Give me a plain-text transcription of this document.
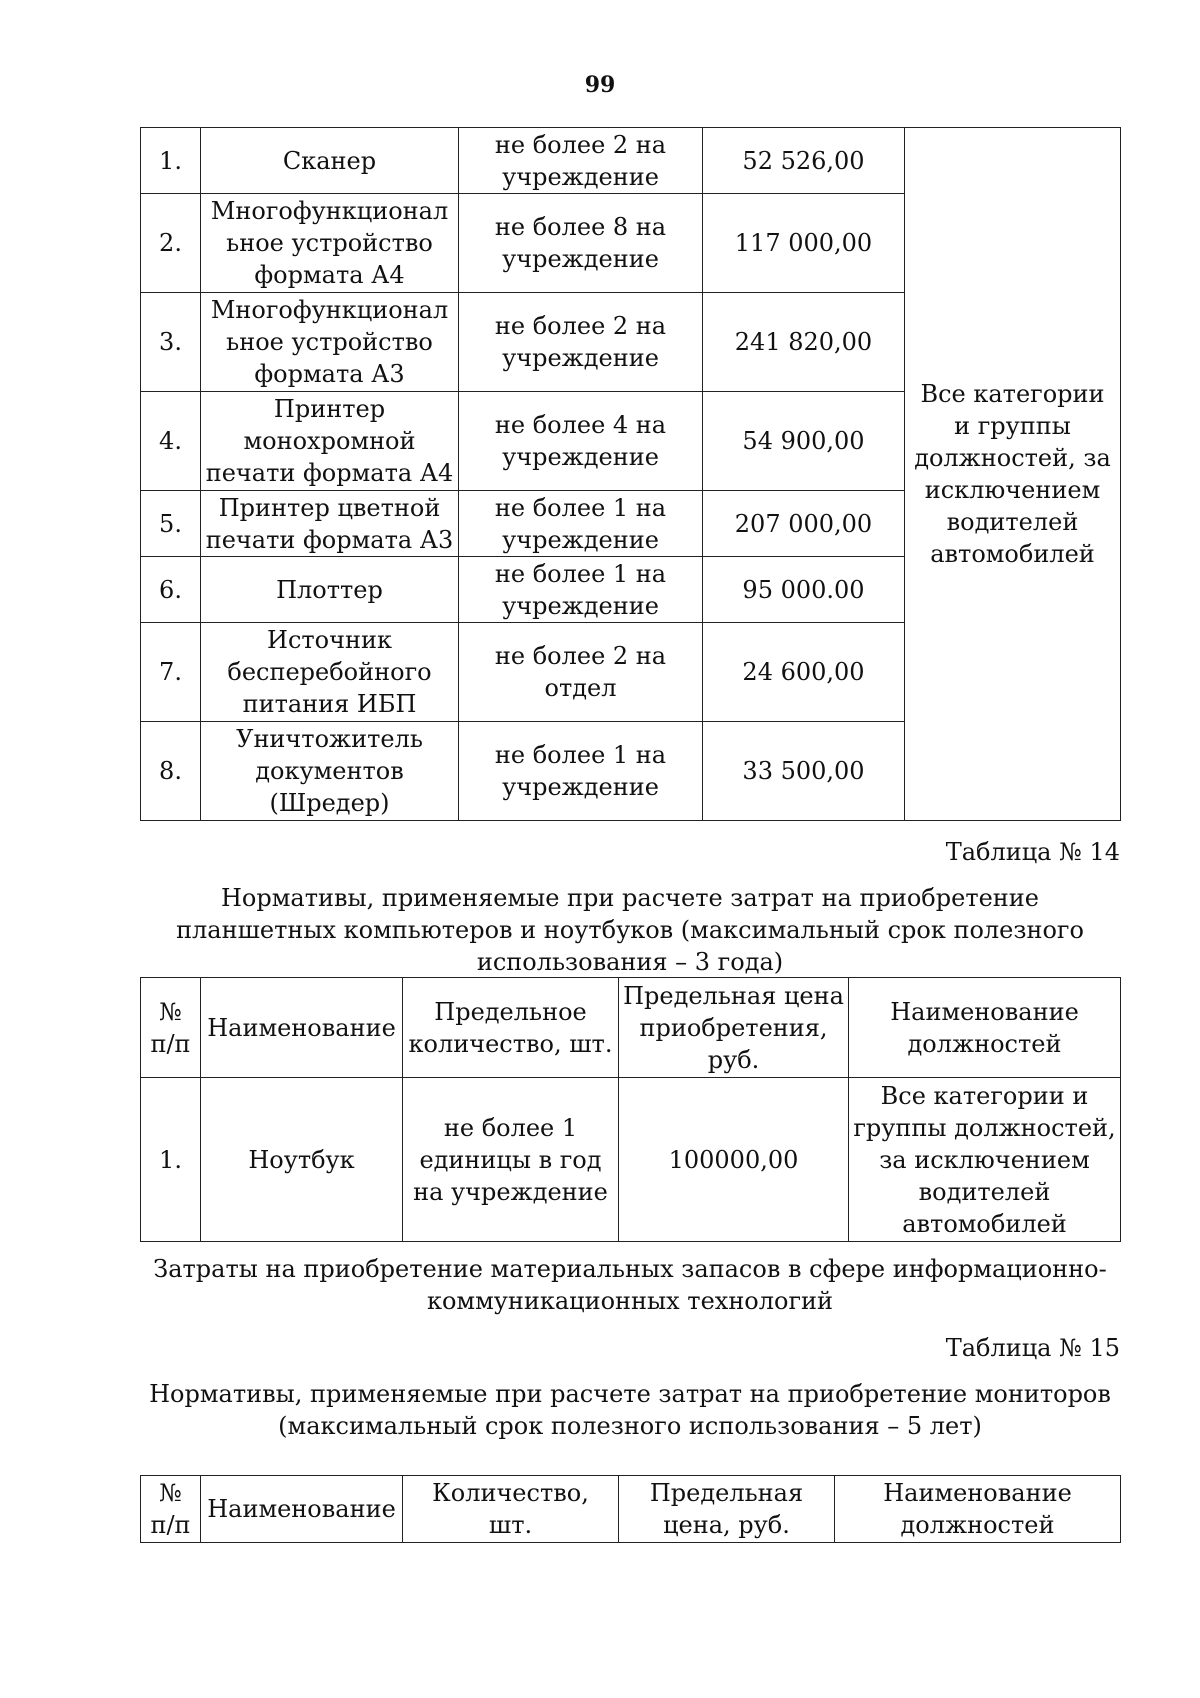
99
1.	Сканер	не более 2 на учреждение	52 526,00	Все категории и группы должностей, за исключением водителей автомобилей
2.	Многофункционал ьное устройство формата А4	не более 8 на учреждение	117 000,00	
3.	Многофункционал ьное устройство формата А3	не более 2 на учреждение	241 820,00	
4.	Принтер монохромной печати формата А4	не более 4 на учреждение	54 900,00	
5.	Принтер цветной печати формата А3	не более 1 на учреждение	207 000,00	
6.	Плоттер	не более 1 на учреждение	95 000.00	
7.	Источник бесперебойного питания ИБП	не более 2 на отдел	24 600,00	
8.	Уничтожитель документов (Шредер)	не более 1 на учреждение	33 500,00	
Таблица № 14
Нормативы, применяемые при расчете затрат на приобретение планшетных компьютеров и ноутбуков (максимальный срок полезного использования – 3 года)
№ п/п	Наименование	Предельное количество, шт.	Предельная цена приобретения, руб.	Наименование должностей
1.	Ноутбук	не более 1 единицы в год на учреждение	100000,00	Все категории и группы должностей, за исключением водителей автомобилей
Затраты на приобретение материальных запасов в сфере информационно-коммуникационных технологий
Таблица № 15
Нормативы, применяемые при расчете затрат на приобретение мониторов (максимальный срок полезного использования – 5 лет)
№ п/п	Наименование	Количество, шт.	Предельная цена, руб.	Наименование должностей
